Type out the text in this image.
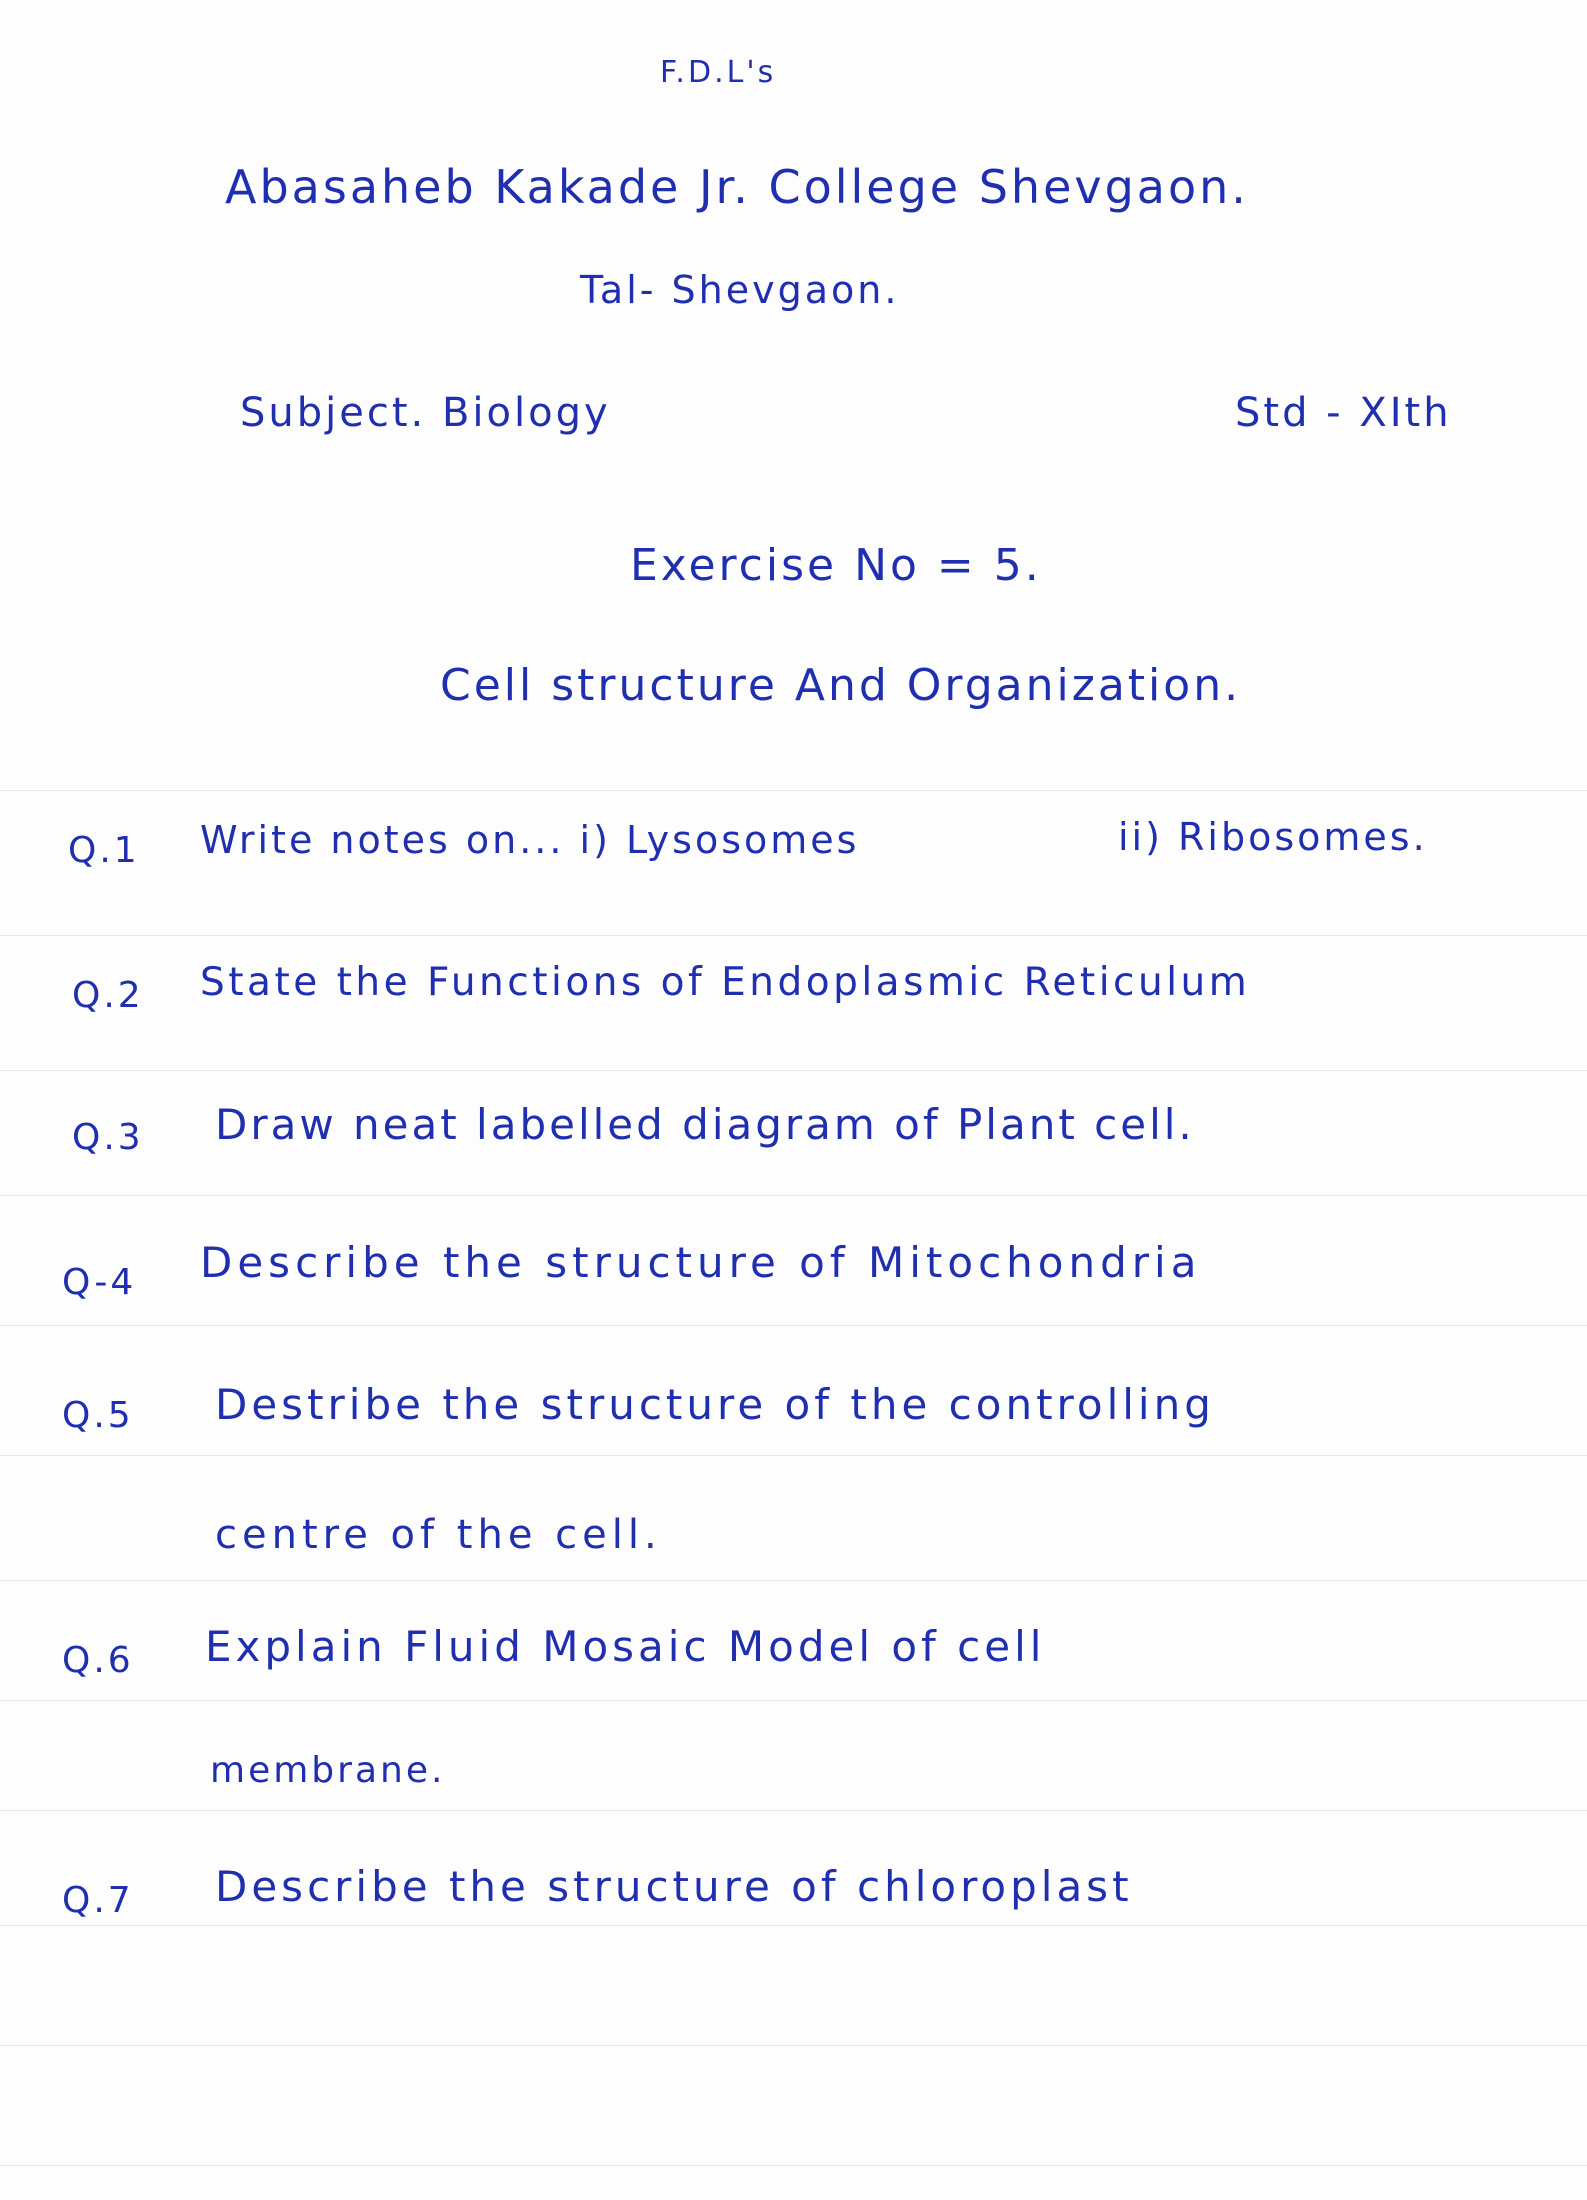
F.D.L's
Abasaheb Kakade Jr. College Shevgaon.
Tal- Shevgaon.
Subject. Biology	Std - XIth
Exercise No = 5.
Cell structure And Organization.
Q.1 Write notes on... i) Lysosomes	ii) Ribosomes.
Q.2 State the Functions of Endoplasmic Reticulum
Q.3 Draw neat labelled diagram of Plant cell.
Q-4 Describe the structure of Mitochondria
Q.5 Destribe the structure of the controlling
centre of the cell.
Q.6 Explain Fluid Mosaic Model of cell
membrane.
Q.7 Describe the structure of chloroplast
